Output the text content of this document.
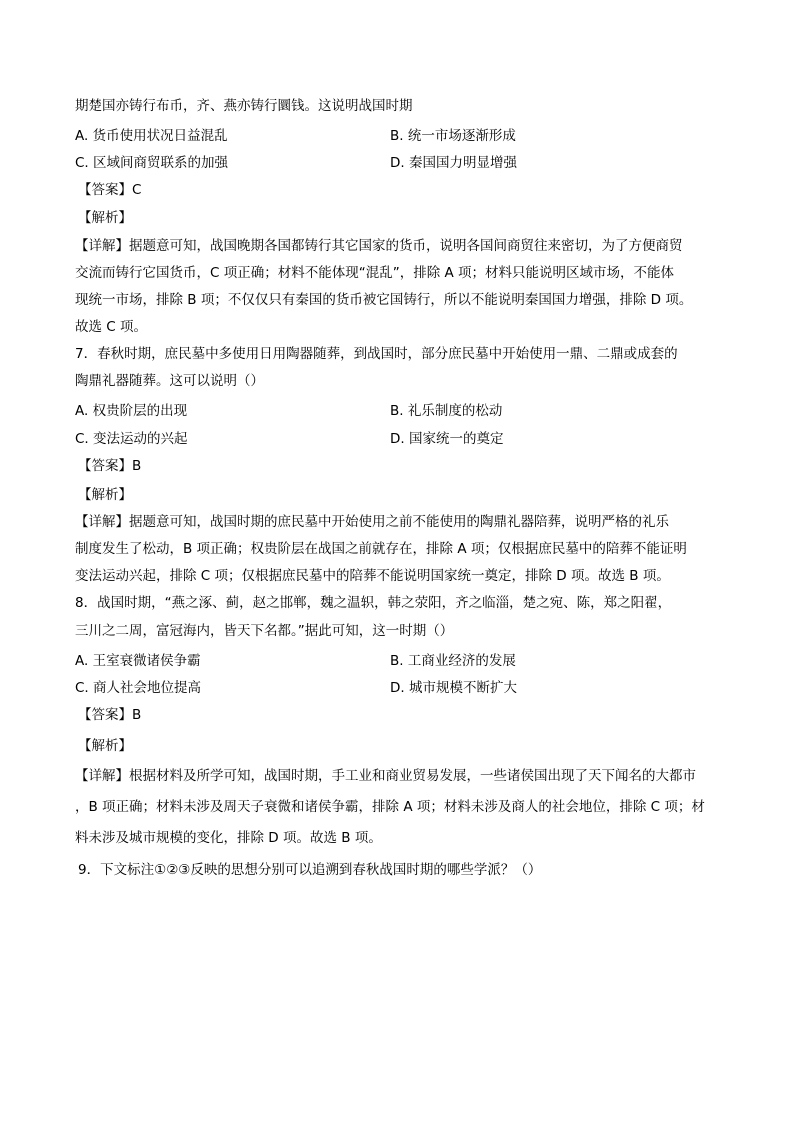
期楚国亦铸行布币，齐、燕亦铸行圜钱。这说明战国时期
A. 货币使用状况日益混乱	B. 统一市场逐渐形成
C. 区域间商贸联系的加强	D. 秦国国力明显增强
【答案】C
【解析】
【详解】据题意可知，战国晚期各国都铸行其它国家的货币，说明各国间商贸往来密切，为了方便商贸
交流而铸行它国货币，C 项正确；材料不能体现“混乱”，排除 A 项；材料只能说明区域市场，不能体
现统一市场，排除 B 项；不仅仅只有秦国的货币被它国铸行，所以不能说明秦国国力增强，排除 D 项。
故选 C 项。
7．春秋时期，庶民墓中多使用日用陶器随葬，到战国时，部分庶民墓中开始使用一鼎、二鼎或成套的
陶鼎礼器随葬。这可以说明（）
A. 权贵阶层的出现	B. 礼乐制度的松动
C. 变法运动的兴起	D. 国家统一的奠定
【答案】B
【解析】
【详解】据题意可知，战国时期的庶民墓中开始使用之前不能使用的陶鼎礼器陪葬，说明严格的礼乐
制度发生了松动，B 项正确；权贵阶层在战国之前就存在，排除 A 项；仅根据庶民墓中的陪葬不能证明
变法运动兴起，排除 C 项；仅根据庶民墓中的陪葬不能说明国家统一奠定，排除 D 项。故选 B 项。
8．战国时期，“燕之涿、蓟，赵之邯郸，魏之温轵，韩之荥阳，齐之临淄，楚之宛、陈，郑之阳翟，
三川之二周，富冠海内，皆天下名都。”据此可知，这一时期（）
A. 王室衰微诸侯争霸	B. 工商业经济的发展
C. 商人社会地位提高	D. 城市规模不断扩大
【答案】B
【解析】
【详解】根据材料及所学可知，战国时期，手工业和商业贸易发展，一些诸侯国出现了天下闻名的大都市
，B 项正确；材料未涉及周天子衰微和诸侯争霸，排除 A 项；材料未涉及商人的社会地位，排除 C 项；材
料未涉及城市规模的变化，排除 D 项。故选 B 项。
9．下文标注①②③反映的思想分别可以追溯到春秋战国时期的哪些学派？（）
